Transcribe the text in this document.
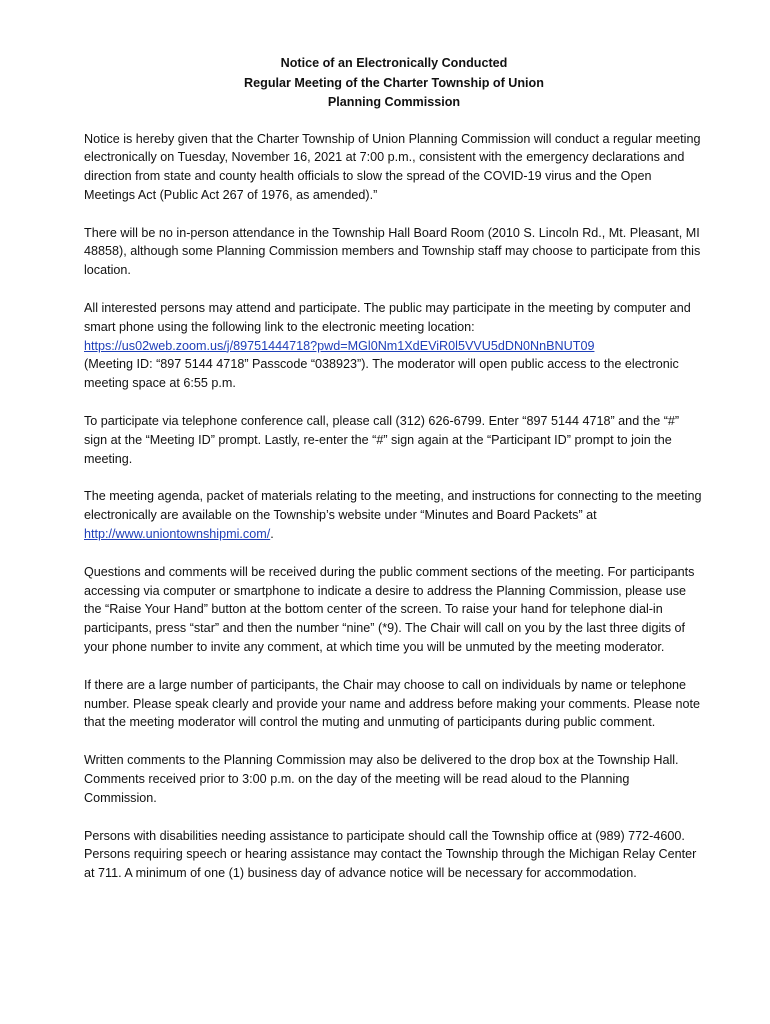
Notice of an Electronically Conducted
Regular Meeting of the Charter Township of Union
Planning Commission

Notice is hereby given that the Charter Township of Union Planning Commission will conduct a regular meeting electronically on Tuesday, November 16, 2021 at 7:00 p.m., consistent with the emergency declarations and direction from state and county health officials to slow the spread of the COVID-19 virus and the Open Meetings Act (Public Act 267 of 1976, as amended).”

There will be no in-person attendance in the Township Hall Board Room (2010 S. Lincoln Rd., Mt. Pleasant, MI 48858), although some Planning Commission members and Township staff may choose to participate from this location.

All interested persons may attend and participate. The public may participate in the meeting by computer and smart phone using the following link to the electronic meeting location:
https://us02web.zoom.us/j/89751444718?pwd=MGl0Nm1XdEViR0l5VVU5dDN0NnBNUT09
(Meeting ID: “897 5144 4718” Passcode “038923”). The moderator will open public access to the electronic meeting space at 6:55 p.m.

To participate via telephone conference call, please call (312) 626-6799. Enter “897 5144 4718” and the “#” sign at the “Meeting ID” prompt. Lastly, re-enter the “#” sign again at the “Participant ID” prompt to join the meeting.

The meeting agenda, packet of materials relating to the meeting, and instructions for connecting to the meeting electronically are available on the Township’s website under “Minutes and Board Packets” at http://www.uniontownshipmi.com/.

Questions and comments will be received during the public comment sections of the meeting. For participants accessing via computer or smartphone to indicate a desire to address the Planning Commission, please use the “Raise Your Hand” button at the bottom center of the screen. To raise your hand for telephone dial-in participants, press “star” and then the number “nine” (*9). The Chair will call on you by the last three digits of your phone number to invite any comment, at which time you will be unmuted by the meeting moderator.

If there are a large number of participants, the Chair may choose to call on individuals by name or telephone number. Please speak clearly and provide your name and address before making your comments. Please note that the meeting moderator will control the muting and unmuting of participants during public comment.

Written comments to the Planning Commission may also be delivered to the drop box at the Township Hall. Comments received prior to 3:00 p.m. on the day of the meeting will be read aloud to the Planning Commission.

Persons with disabilities needing assistance to participate should call the Township office at (989) 772-4600. Persons requiring speech or hearing assistance may contact the Township through the Michigan Relay Center at 711. A minimum of one (1) business day of advance notice will be necessary for accommodation.
